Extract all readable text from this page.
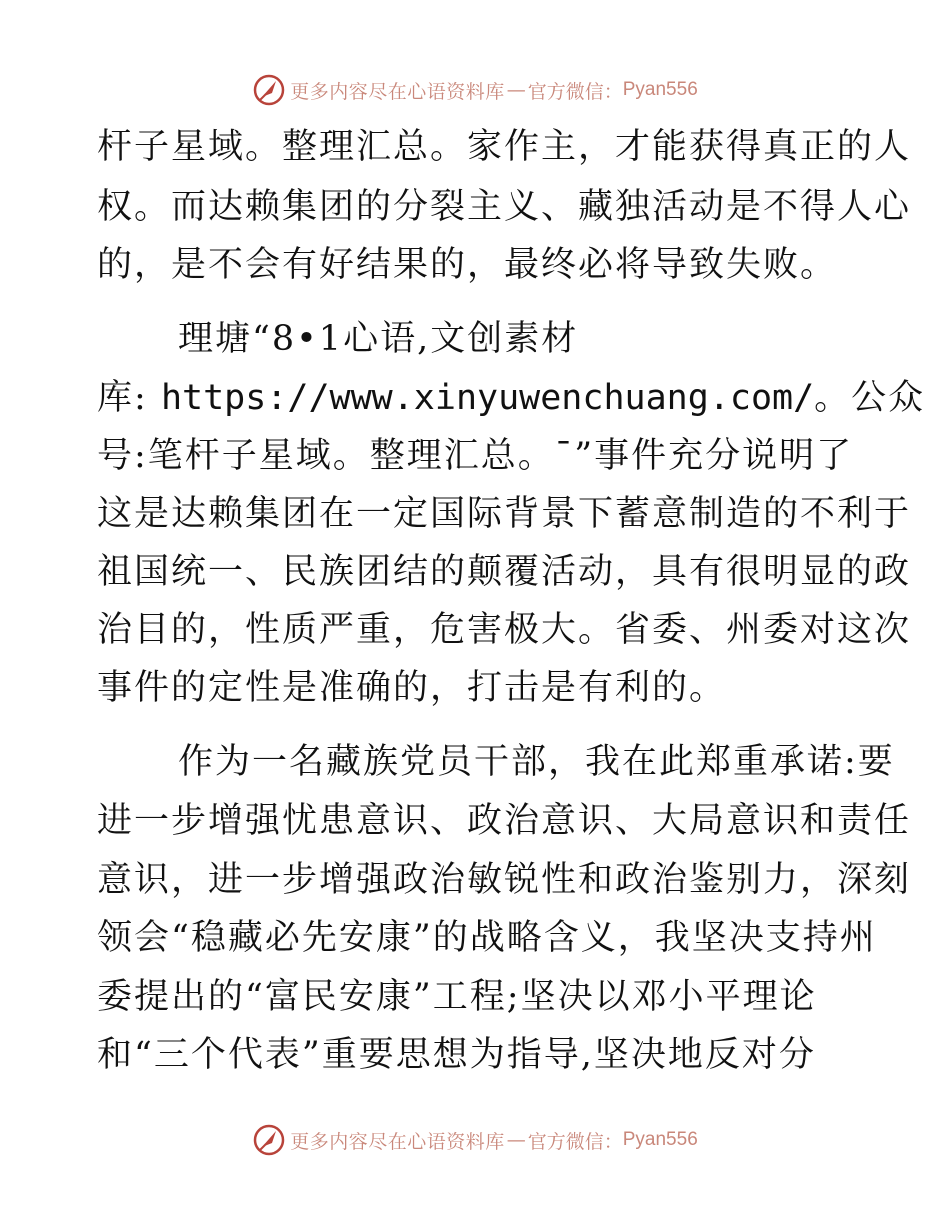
更多内容尽在心语资料库 — 官方微信： Pyan556
杆子星域。整理汇总。家作主，才能获得真正的人
权。而达赖集团的分裂主义、藏独活动是不得人心
的，是不会有好结果的，最终必将导致失败。
理塘“8•1心语,文创素材
库: https://www.xinyuwenchuang.com/。公众
号:笔杆子星域。整理汇总。¯”事件充分说明了
这是达赖集团在一定国际背景下蓄意制造的不利于
祖国统一、民族团结的颠覆活动，具有很明显的政
治目的，性质严重，危害极大。省委、州委对这次
事件的定性是准确的，打击是有利的。
作为一名藏族党员干部，我在此郑重承诺:要
进一步增强忧患意识、政治意识、大局意识和责任
意识，进一步增强政治敏锐性和政治鉴别力，深刻
领会“稳藏必先安康”的战略含义，我坚决支持州
委提出的“富民安康”工程;坚决以邓小平理论
和“三个代表”重要思想为指导,坚决地反对分
更多内容尽在心语资料库 — 官方微信： Pyan556
